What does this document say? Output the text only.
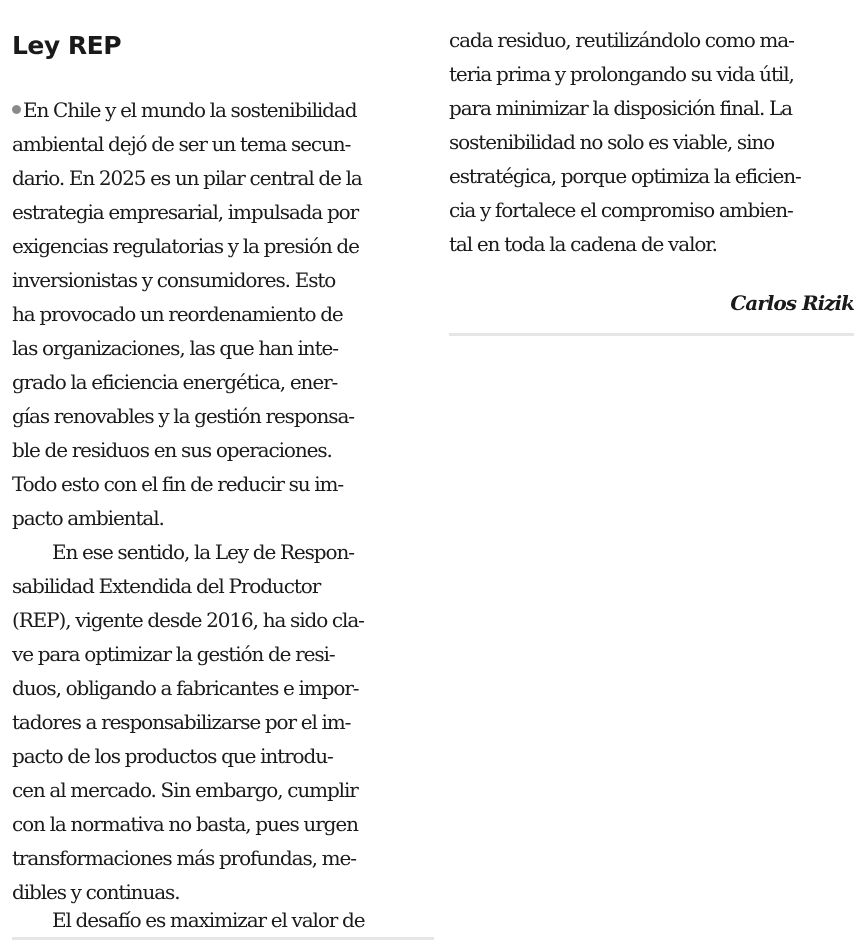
Ley REP
En Chile y el mundo la sostenibilidad
ambiental dejó de ser un tema secun-
dario. En 2025 es un pilar central de la
estrategia empresarial, impulsada por
exigencias regulatorias y la presión de
inversionistas y consumidores. Esto
ha provocado un reordenamiento de
las organizaciones, las que han inte-
grado la eficiencia energética, ener-
gías renovables y la gestión responsa-
ble de residuos en sus operaciones.
Todo esto con el fin de reducir su im-
pacto ambiental.
En ese sentido, la Ley de Respon-
sabilidad Extendida del Productor
(REP), vigente desde 2016, ha sido cla-
ve para optimizar la gestión de resi-
duos, obligando a fabricantes e impor-
tadores a responsabilizarse por el im-
pacto de los productos que introdu-
cen al mercado. Sin embargo, cumplir
con la normativa no basta, pues urgen
transformaciones más profundas, me-
dibles y continuas.
El desafío es maximizar el valor de
cada residuo, reutilizándolo como ma-
teria prima y prolongando su vida útil,
para minimizar la disposición final. La
sostenibilidad no solo es viable, sino
estratégica, porque optimiza la eficien-
cia y fortalece el compromiso ambien-
tal en toda la cadena de valor.
Carlos Rizik
